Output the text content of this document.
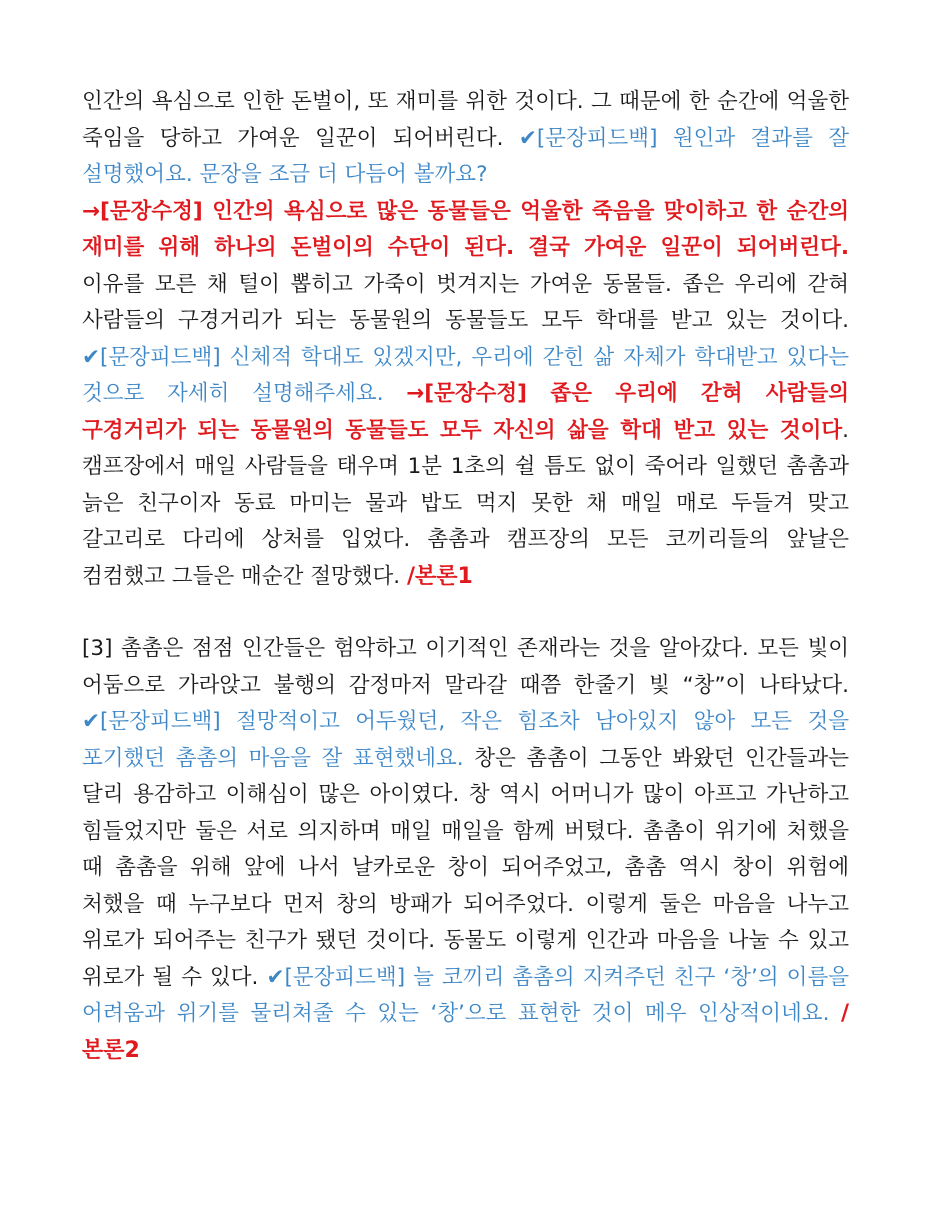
인간의 욕심으로 인한 돈벌이, 또 재미를 위한 것이다. 그 때문에 한 순간에 억울한 죽임을 당하고 가여운 일꾼이 되어버린다. ✔[문장피드백] 원인과 결과를 잘 설명했어요. 문장을 조금 더 다듬어 볼까요?
→[문장수정] 인간의 욕심으로 많은 동물들은 억울한 죽음을 맞이하고 한 순간의 재미를 위해 하나의 돈벌이의 수단이 된다. 결국 가여운 일꾼이 되어버린다. 이유를 모른 채 털이 뽑히고 가죽이 벗겨지는 가여운 동물들. 좁은 우리에 갇혀 사람들의 구경거리가 되는 동물원의 동물들도 모두 학대를 받고 있는 것이다. ✔[문장피드백] 신체적 학대도 있겠지만, 우리에 갇힌 삶 자체가 학대받고 있다는 것으로 자세히 설명해주세요. →[문장수정] 좁은 우리에 갇혀 사람들의 구경거리가 되는 동물원의 동물들도 모두 자신의 삶을 학대 받고 있는 것이다. 캠프장에서 매일 사람들을 태우며 1분 1초의 쉴 틈도 없이 죽어라 일했던 촘촘과 늙은 친구이자 동료 마미는 물과 밥도 먹지 못한 채 매일 매로 두들겨 맞고 갈고리로 다리에 상처를 입었다. 촘촘과 캠프장의 모든 코끼리들의 앞날은 컴컴했고 그들은 매순간 절망했다. /본론1

[3] 촘촘은 점점 인간들은 험악하고 이기적인 존재라는 것을 알아갔다. 모든 빛이 어둠으로 가라앉고 불행의 감정마저 말라갈 때쯤 한줄기 빛 “창”이 나타났다. ✔[문장피드백] 절망적이고 어두웠던, 작은 힘조차 남아있지 않아 모든 것을 포기했던 촘촘의 마음을 잘 표현했네요. 창은 촘촘이 그동안 봐왔던 인간들과는 달리 용감하고 이해심이 많은 아이였다. 창 역시 어머니가 많이 아프고 가난하고 힘들었지만 둘은 서로 의지하며 매일 매일을 함께 버텼다. 촘촘이 위기에 처했을 때 촘촘을 위해 앞에 나서 날카로운 창이 되어주었고, 촘촘 역시 창이 위험에 처했을 때 누구보다 먼저 창의 방패가 되어주었다. 이렇게 둘은 마음을 나누고 위로가 되어주는 친구가 됐던 것이다. 동물도 이렇게 인간과 마음을 나눌 수 있고 위로가 될 수 있다. ✔[문장피드백] 늘 코끼리 촘촘의 지켜주던 친구 ‘창’의 이름을 어려움과 위기를 물리쳐줄 수 있는 ‘창’으로 표현한 것이 메우 인상적이네요. /본론2
